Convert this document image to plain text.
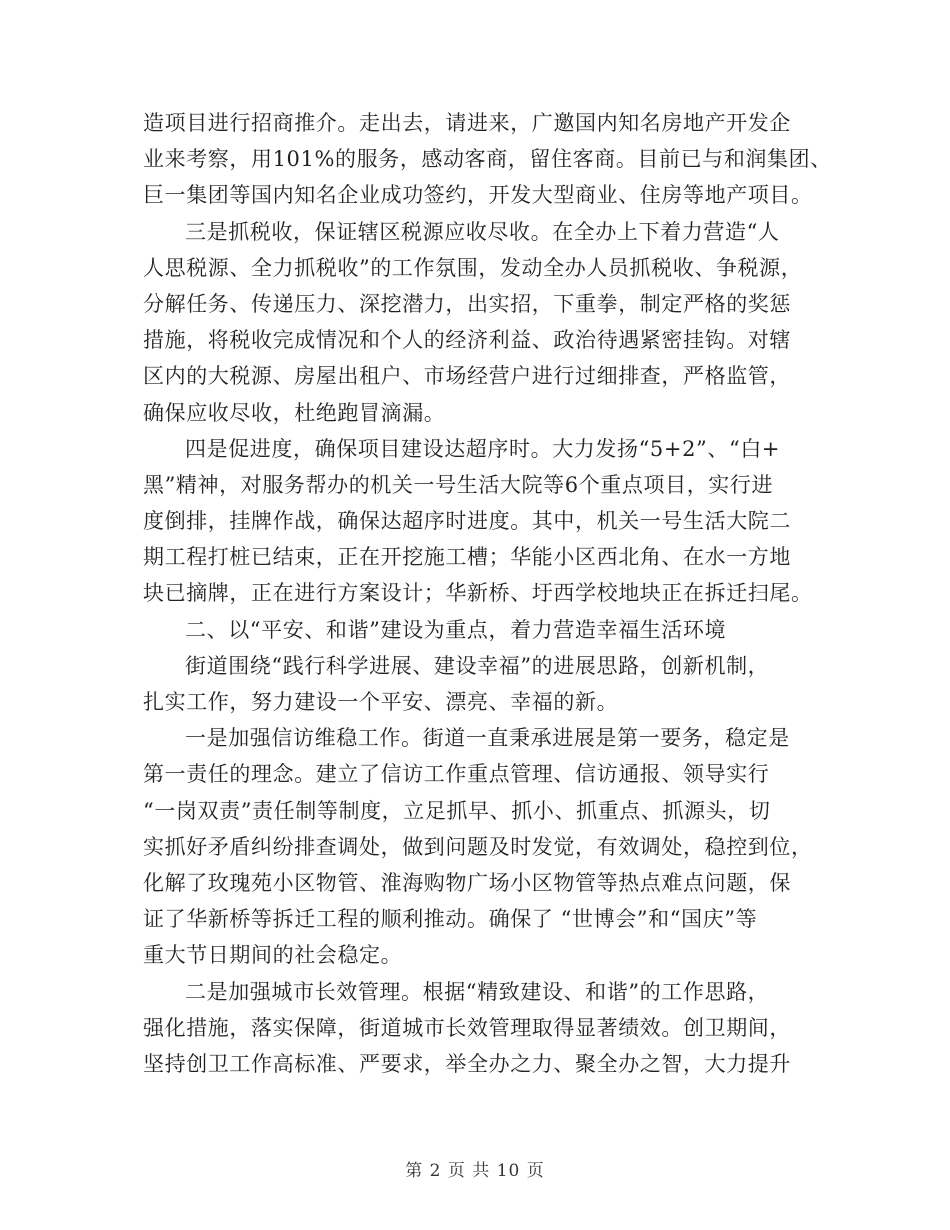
造项目进行招商推介。走出去，请进来，广邀国内知名房地产开发企
业来考察，用101%的服务，感动客商，留住客商。目前已与和润集团、
巨一集团等国内知名企业成功签约，开发大型商业、住房等地产项目。
三是抓税收，保证辖区税源应收尽收。在全办上下着力营造“人
人思税源、全力抓税收”的工作氛围，发动全办人员抓税收、争税源，
分解任务、传递压力、深挖潜力，出实招，下重拳，制定严格的奖惩
措施，将税收完成情况和个人的经济利益、政治待遇紧密挂钩。对辖
区内的大税源、房屋出租户、市场经营户进行过细排查，严格监管，
确保应收尽收，杜绝跑冒滴漏。
四是促进度，确保项目建设达超序时。大力发扬“5+2”、“白+
黑”精神，对服务帮办的机关一号生活大院等6个重点项目，实行进
度倒排，挂牌作战，确保达超序时进度。其中，机关一号生活大院二
期工程打桩已结束，正在开挖施工槽；华能小区西北角、在水一方地
块已摘牌，正在进行方案设计；华新桥、圩西学校地块正在拆迁扫尾。
二、以“平安、和谐”建设为重点，着力营造幸福生活环境
街道围绕“践行科学进展、建设幸福”的进展思路，创新机制，
扎实工作，努力建设一个平安、漂亮、幸福的新。
一是加强信访维稳工作。街道一直秉承进展是第一要务，稳定是
第一责任的理念。建立了信访工作重点管理、信访通报、领导实行
“一岗双责”责任制等制度，立足抓早、抓小、抓重点、抓源头，切
实抓好矛盾纠纷排查调处，做到问题及时发觉，有效调处，稳控到位，
化解了玫瑰苑小区物管、淮海购物广场小区物管等热点难点问题，保
证了华新桥等拆迁工程的顺利推动。确保了 “世博会”和“国庆”等
重大节日期间的社会稳定。
二是加强城市长效管理。根据“精致建设、和谐”的工作思路，
强化措施，落实保障，街道城市长效管理取得显著绩效。创卫期间，
坚持创卫工作高标准、严要求，举全办之力、聚全办之智，大力提升
第 2 页 共 10 页
